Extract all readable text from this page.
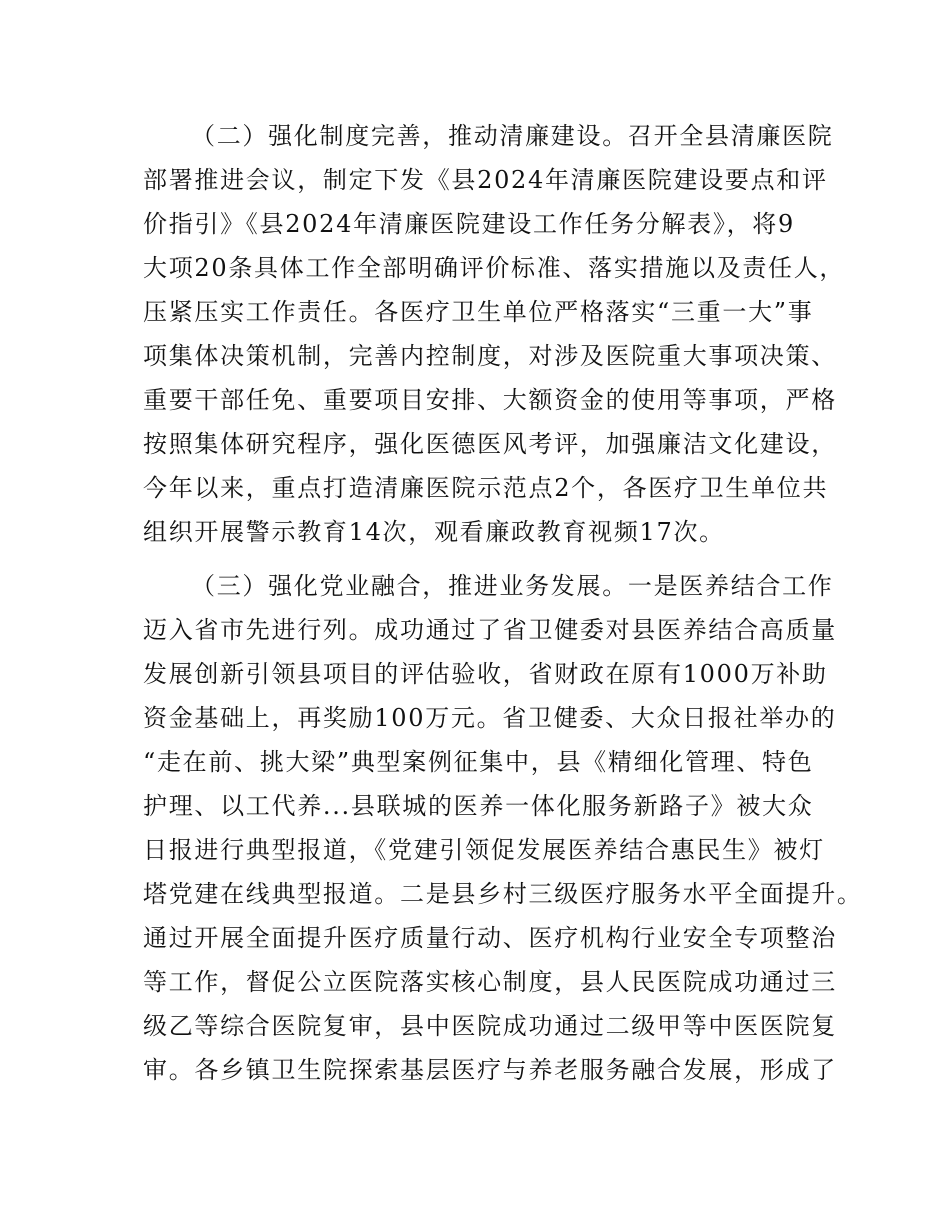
（二）强化制度完善，推动清廉建设。召开全县清廉医院
部署推进会议，制定下发《县2024年清廉医院建设要点和评
价指引》《县2024年清廉医院建设工作任务分解表》，将9
大项20条具体工作全部明确评价标准、落实措施以及责任人，
压紧压实工作责任。各医疗卫生单位严格落实“三重一大”事
项集体决策机制，完善内控制度，对涉及医院重大事项决策、
重要干部任免、重要项目安排、大额资金的使用等事项，严格
按照集体研究程序，强化医德医风考评，加强廉洁文化建设，
今年以来，重点打造清廉医院示范点2个，各医疗卫生单位共
组织开展警示教育14次，观看廉政教育视频17次。
（三）强化党业融合，推进业务发展。一是医养结合工作
迈入省市先进行列。成功通过了省卫健委对县医养结合高质量
发展创新引领县项目的评估验收，省财政在原有1000万补助
资金基础上，再奖励100万元。省卫健委、大众日报社举办的
“走在前、挑大梁”典型案例征集中，县《精细化管理、特色
护理、以工代养...县联城的医养一体化服务新路子》被大众
日报进行典型报道，《党建引领促发展医养结合惠民生》被灯
塔党建在线典型报道。二是县乡村三级医疗服务水平全面提升。
通过开展全面提升医疗质量行动、医疗机构行业安全专项整治
等工作，督促公立医院落实核心制度，县人民医院成功通过三
级乙等综合医院复审，县中医院成功通过二级甲等中医医院复
审。各乡镇卫生院探索基层医疗与养老服务融合发展，形成了
